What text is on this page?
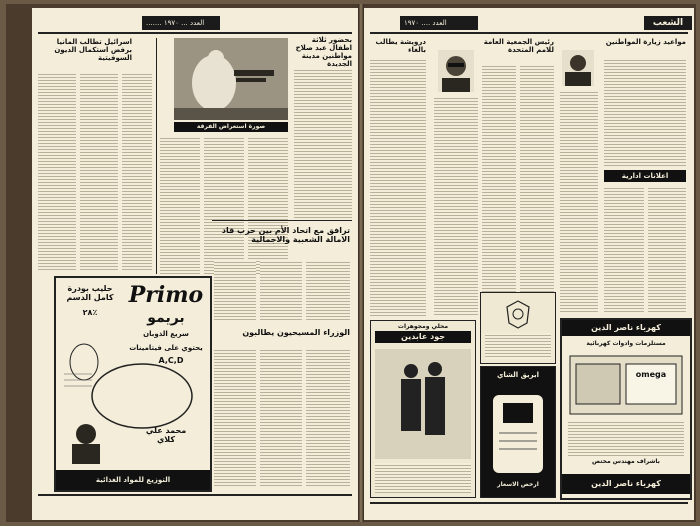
....... العدد ... ١٩٧٠
اسرائيل تطالب المانيا برفض استكمال الديون السوفيتية
صورة استعراض الفرقة
بحضور ثلاثة اطفال عبد صلاح مواطنين مدينة الجديدة
ترافق مع اتحاد الأم بين حرب قاد الامالة الشعبية والاجمالية
حليب بودرة كامل الدسم
٢٨٪
Primo
بريمو
سريع الذوبان
يحتوي على فيتامينات
A,C,D
محمد علي كلاي
التوزيع للمواد الغذائية
الوزراء المسيحيون يطالبون
العدد .... ١٩٧٠	الشعب
درويشة يطالب بالغاء
رئيس الجمعية العامة للامم المتحدة
مواعيد زيارة المواطنين
اعلانات ادارية
محلي ومجوهرات
جود عابدين
ابريق الشاي
ارخص الاسعار
كهرباء ناصر الدين
مستلزمات وادوات كهربائية
omega
باشراف مهندس مختص
كهرباء ناصر الدين
